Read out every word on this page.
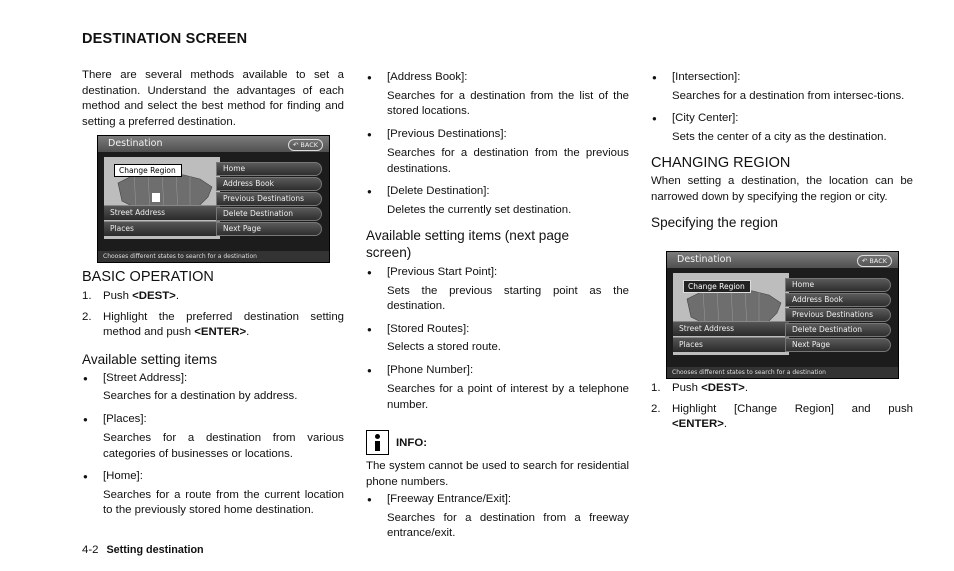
DESTINATION SCREEN

There are several methods available to set a destination. Understand the advantages of each method and select the best method for finding and setting a preferred destination.

Destination	↶ BACK
Street Address
Places
Change Region	Home
Address Book
Previous Destinations
Delete Destination
Next Page
Chooses different states to search for a destination
BASIC OPERATION
1. Push <DEST>.
2. Highlight the preferred destination setting method and push <ENTER>.
Available setting items
● [Street Address]:
Searches for a destination by address.
● [Places]:
Searches for a destination from various categories of businesses or locations.
● [Home]:
Searches for a route from the current location to the previously stored home destination.
● [Address Book]:
Searches for a destination from the list of the stored locations.
● [Previous Destinations]:
Searches for a destination from the previous destinations.
● [Delete Destination]:
Deletes the currently set destination.
Available setting items (next page screen)
● [Previous Start Point]:
Sets the previous starting point as the destination.
● [Stored Routes]:
Selects a stored route.
● [Phone Number]:
Searches for a point of interest by a telephone number.
INFO:

The system cannot be used to search for residential phone numbers.

● [Freeway Entrance/Exit]:
Searches for a destination from a freeway entrance/exit.
● [Intersection]:
Searches for a destination from intersec-tions.
● [City Center]:
Sets the center of a city as the destination.
CHANGING REGION

When setting a destination, the location can be narrowed down by specifying the region or city.

Specifying the region
Destination	↶ BACK
Street Address
Places
Change Region	Home
Address Book
Previous Destinations
Delete Destination
Next Page
Chooses different states to search for a destination
1. Push <DEST>.
2. Highlight [Change Region] and push <ENTER>.
4-2 Setting destination
